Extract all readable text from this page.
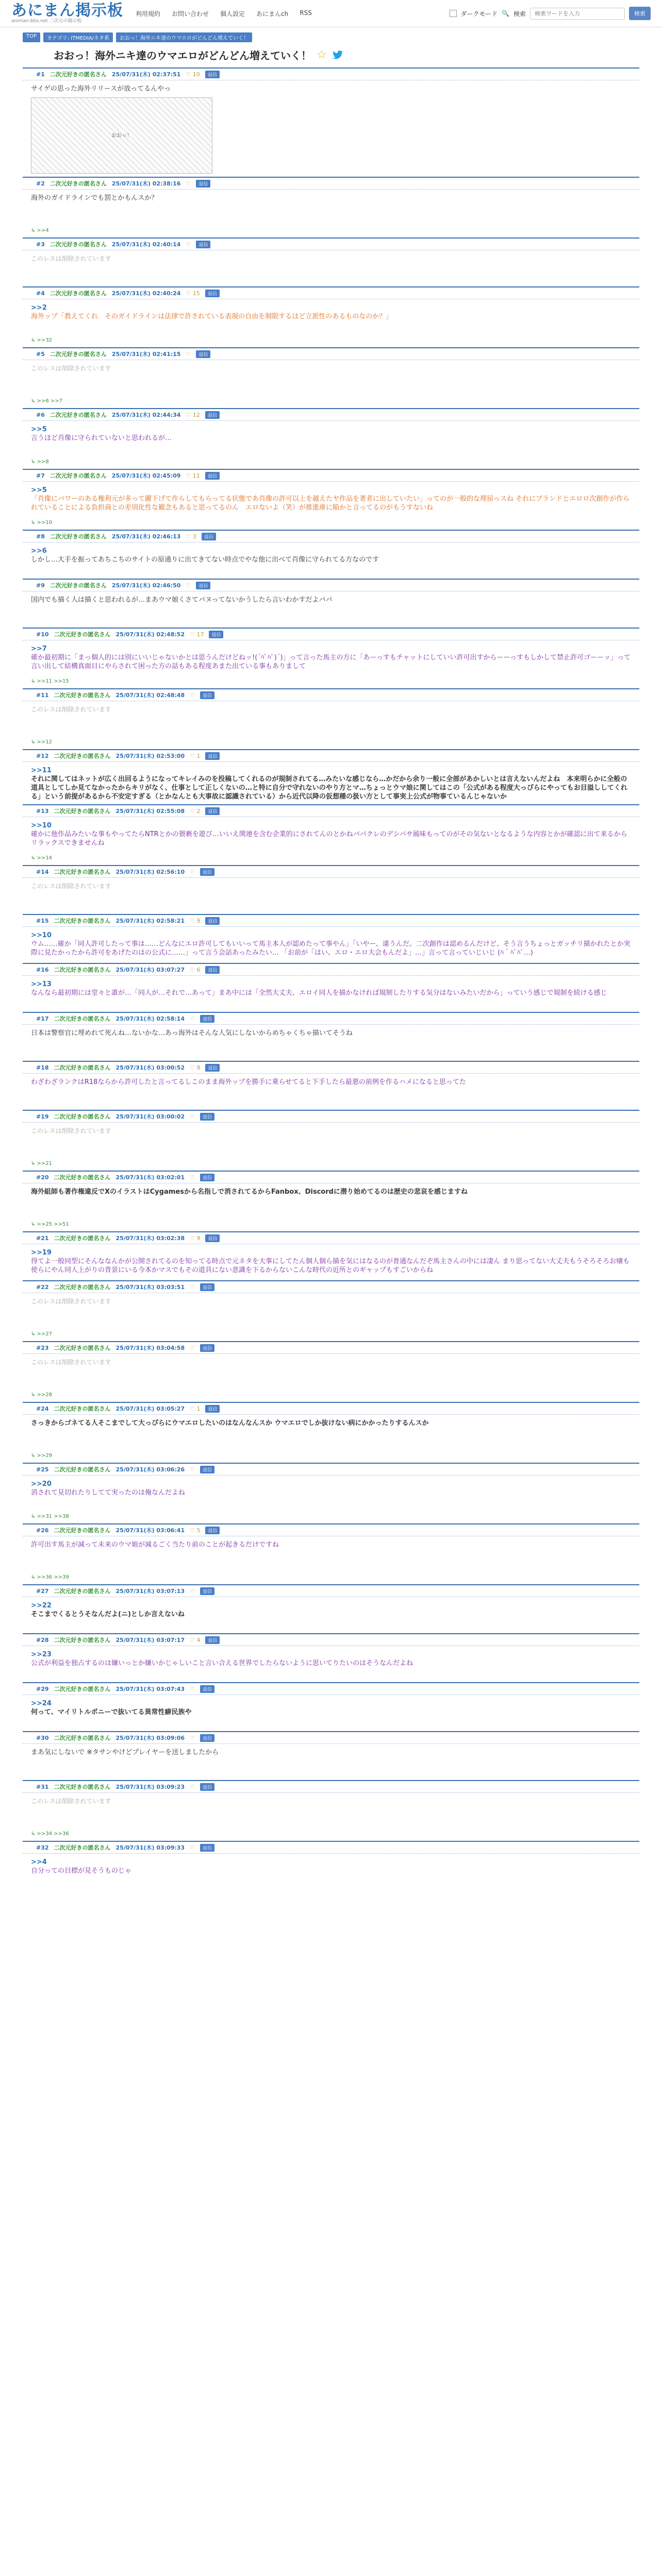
あにまん掲示板
animan-bbs.net 二次元の掲示板
利用規約 お問い合わせ 個人設定 あにまんch RSS	ダークモード 🔍 検索
検索ワードを入力	検索
TOP	カテゴリ: ITMEDIA/ネタ系	おおっ！海外ニキ達のウマエロがどんどん増えていく！
おおっ！海外ニキ達のウマエロがどんどん増えていく！ ☆
#1 二次元好きの匿名さん 25/07/31(木) 02:37:51 ♡ 10	返信
サイゲの思った海外リリースが放ってるんやっ
おおっ！
#2 二次元好きの匿名さん 25/07/31(木) 02:38:16 ♡	返信
海外のガイドラインでも罰とかもんスか？
↳ >>4
#3 二次元好きの匿名さん 25/07/31(木) 02:40:14 ♡	返信
このレスは削除されています
#4 二次元好きの匿名さん 25/07/31(木) 02:40:24 ♡ 15	返信
>>2
海外ップ「教えてくれ　そのガイドラインは法律で許されている表現の自由を制限するほど立派性のあるものなのか？」
↳ >>32
#5 二次元好きの匿名さん 25/07/31(木) 02:41:15 ♡	返信
このレスは削除されています
↳ >>6 >>7
#6 二次元好きの匿名さん 25/07/31(木) 02:44:34 ♡ 12	返信
>>5
言うほど肖像に守られていないと思われるが…
↳ >>8
#7 二次元好きの匿名さん 25/07/31(木) 02:45:09 ♡ 11	返信
>>5
「肖像にパワーのある権利元が多って躍下げて作らしてもらってる状態であ肖像の許可以上を越えたヤ作品を著者に出していたい」ってのが一般的な理屈っスね それにブランドとエロロ次創作が作られていることによる負担商との差別化性な観念もあると思ってるのん　エロないよ（笑）が推進庫に陥かと言ってるのがもうすないね
↳ >>10
#8 二次元好きの匿名さん 25/07/31(木) 02:46:13 ♡ 3	返信
>>6
しかし…大手を振ってあちこちのサイトの原通りに出てきてない時点でやな他に出べて肖像に守られてる方なのです
#9 二次元好きの匿名さん 25/07/31(木) 02:46:50 ♡	返信
国内でも描く人は描くと思われるが…まあウマ娘くさてパヌってないかうしたら言いわかすだよバパ
#10 二次元好きの匿名さん 25/07/31(木) 02:48:52 ♡ 17	返信
>>7
確か最初期に「まっ個人的には別にいいじゃないかとは思うんだけどねッ!(´ﾊﾟﾊﾟ)´)」って言った馬主の方に「あーっすもチャットにしていい許可出すからーーっすもしかして禁止許可ゴーーッ」って言い出して結構真面目にやらされて困った方の話もある程度あまた出ている事もありまして
↳ >>11 >>15
#11 二次元好きの匿名さん 25/07/31(木) 02:48:48 ♡	返信
このレスは削除されています
↳ >>12
#12 二次元好きの匿名さん 25/07/31(木) 02:53:00 ♡ 1	返信
>>11
それに関してはネットが広く出回るようになってキレイみのを投稿してくれるのが規制されてる…みたいな感じなら…かだから余り一般に全部があかしいとは言えないんだよね　本来明らかに全般の道具としてしか見てなかったからキリがなく、仕事として正しくないの…と特に自分で守れないのやり方とマ…ちょっとウマ娘に関してはこの「公式がある程度大っぴらにやってもお目溢ししてくれる」という前提があるから不安定すぎる（とかなんとも大事故に認識されている）から近代以降の仮想種の扱い方として事実上公式が物事ているんじゃないか
#13 二次元好きの匿名さん 25/07/31(木) 02:55:08 ♡ 2	返信
>>10
確かに他作品みたいな事もやってたらNTRとかの猥褻を遊び…いいえ関連を含む企業的にされてんのとかねバパクレのデシパサ風味もってのがその気ないとなるような内容とかが確認に出て来るからリラックスできませんね
↳ >>14
#14 二次元好きの匿名さん 25/07/31(木) 02:56:10 ♡	返信
このレスは削除されています
#15 二次元好きの匿名さん 25/07/31(木) 02:58:21 ♡ 9	返信
>>10
ウム……確か「同人許可したって事は……どんなにエロ許可してもいいって馬主本人が認めたって事やん」「いやー、違うんだ。二次創作は認めるんだけど、そう言うちょっとガッチリ描かれたとか実際に見たかったから許可をあげたのはの公式に……」って言う会話あったみたい… 「お前が「はい、エロ・エロ大会もんだよ」…」言って言っていじいじ (ﾊ｀ﾊﾟﾊﾟ…)
#16 二次元好きの匿名さん 25/07/31(木) 03:07:27 ♡ 6	返信
>>13
なんなら最初期には堂々と誰が…「同人が…それで…あって」まあ中には「全然大丈夫、エロイ同人を描かなければ規制したりする気分はないみたいだから」っていう感じで規制を続ける感じ
#17 二次元好きの匿名さん 25/07/31(木) 02:58:14 ♡	返信
日本は警察官に埋めれて死んね…ないかな…あっ海外はそんな人気にしないからめちゃくちゃ描いてそうね
#18 二次元好きの匿名さん 25/07/31(木) 03:00:52 ♡ 8	返信
わざわざランクはR18ならから許可したと言ってるしこのまま海外ップを勝手に乗らせてると下手したら最悪の前例を作るハメになると思ってた
#19 二次元好きの匿名さん 25/07/31(木) 03:00:02 ♡	返信
このレスは削除されています
↳ >>21
#20 二次元好きの匿名さん 25/07/31(木) 03:02:01 ♡	返信
海外組師も著作権違反でXのイラストはCygamesから名指しで消されてるからFanbox、Discordに潜り始めてるのは歴史の悲哀を感じますね
↳ >>25 >>51
#21 二次元好きの匿名さん 25/07/31(木) 03:02:38 ♡ 9	返信
>>19
得てよ一般同型にそんななんかが公開されてるのを知ってる時点で元ネタを大事にしてたん個人個ら描を気にはなるのが普通なんだぞ馬主さんの中には凄ん まり思ってない大丈夫もうそろそろお嬢も使らにやん同人上がりの背景にいる今本かマスでもその道具にない意識を下るからないこんな時代の近所とのギャップもすごいからね
#22 二次元好きの匿名さん 25/07/31(木) 03:03:51 ♡	返信
このレスは削除されています
↳ >>27
#23 二次元好きの匿名さん 25/07/31(木) 03:04:58 ♡	返信
このレスは削除されています
↳ >>28
#24 二次元好きの匿名さん 25/07/31(木) 03:05:27 ♡ 1	返信
さっきからゴネてる人そこまでして大っぴらにウマエロしたいのはなんなんスか ウマエロでしか抜けない病にかかったりするんスか
↳ >>29
#25 二次元好きの匿名さん 25/07/31(木) 03:06:26 ♡	返信
>>20
消されて見切れたりしてて実ったのは俺なんだよね
↳ >>31 >>38
#26 二次元好きの匿名さん 25/07/31(木) 03:06:41 ♡ 5	返信
許可出す馬主が減って未来のウマ娘が減るごく当たり前のことが起きるだけですね
↳ >>36 >>39
#27 二次元好きの匿名さん 25/07/31(木) 03:07:13 ♡	返信
>>22
そこまでくるとうそなんだよ(ニ)としか言えないね
#28 二次元好きの匿名さん 25/07/31(木) 03:07:17 ♡ 4	返信
>>23
公式が利益を独占するのは嫌いっとか嫌いかじゃしいこと言い合える世界でしたらないように思いてりたいのはそうなんだよね
#29 二次元好きの匿名さん 25/07/31(木) 03:07:43 ♡	返信
>>24
何って、マイリトルポニーで抜いてる異常性癖民族や
#30 二次元好きの匿名さん 25/07/31(木) 03:09:06 ♡	返信
まあ気にしないで ※タサンやけどプレイヤーを送しましたから
#31 二次元好きの匿名さん 25/07/31(木) 03:09:23 ♡	返信
このレスは削除されています
↳ >>34 >>36
#32 二次元好きの匿名さん 25/07/31(木) 03:09:33 ♡	返信
>>4
自分っての目標が見そうものじゃ
